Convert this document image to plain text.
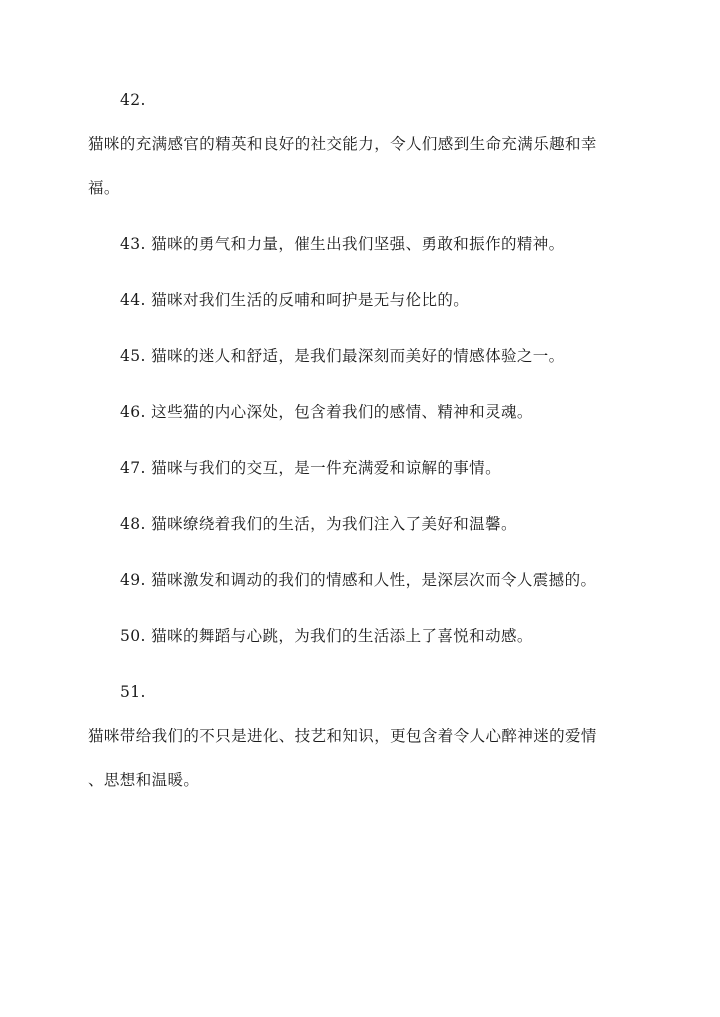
42.
猫咪的充满感官的精英和良好的社交能力，令人们感到生命充满乐趣和幸
福。
43. 猫咪的勇气和力量，催生出我们坚强、勇敢和振作的精神。
44. 猫咪对我们生活的反哺和呵护是无与伦比的。
45. 猫咪的迷人和舒适，是我们最深刻而美好的情感体验之一。
46. 这些猫的内心深处，包含着我们的感情、精神和灵魂。
47. 猫咪与我们的交互，是一件充满爱和谅解的事情。
48. 猫咪缭绕着我们的生活，为我们注入了美好和温馨。
49. 猫咪激发和调动的我们的情感和人性，是深层次而令人震撼的。
50. 猫咪的舞蹈与心跳，为我们的生活添上了喜悦和动感。
51.
猫咪带给我们的不只是进化、技艺和知识，更包含着令人心醉神迷的爱情
、思想和温暖。
